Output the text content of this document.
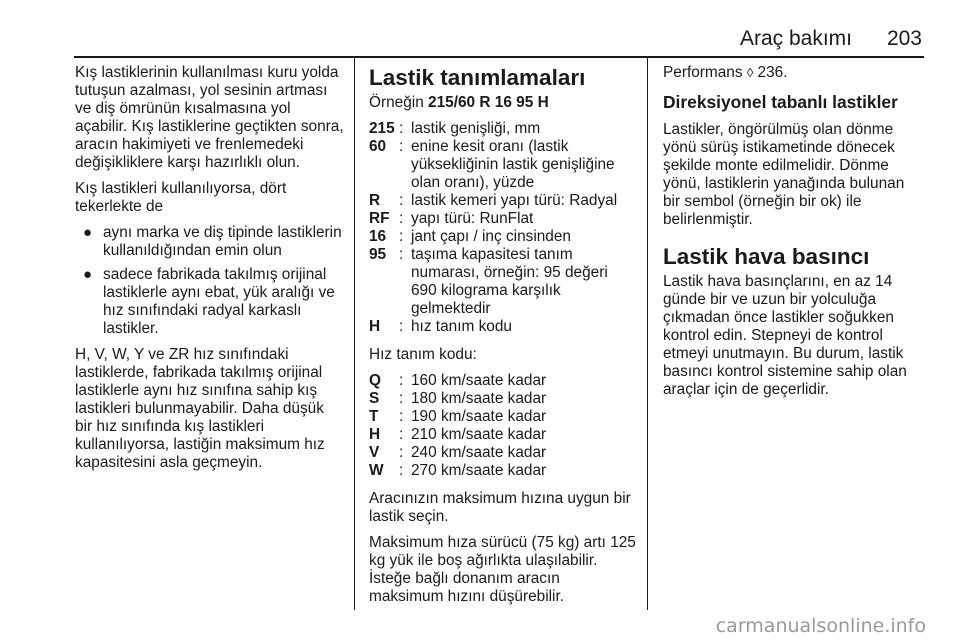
Araç bakımı 203

Kış lastiklerinin kullanılması kuru yolda tutuşun azalması, yol sesinin artması ve diş ömrünün kısalmasına yol açabilir. Kış lastiklerine geçtikten sonra, aracın hakimiyeti ve frenlemedeki değişikliklere karşı hazırlıklı olun.

Kış lastikleri kullanılıyorsa, dört tekerlekte de

● aynı marka ve diş tipinde lastiklerin kullanıldığından emin olun
● sadece fabrikada takılmış orijinal lastiklerle aynı ebat, yük aralığı ve hız sınıfındaki radyal karkaslı lastikler.

H, V, W, Y ve ZR hız sınıfındaki lastiklerde, fabrikada takılmış orijinal lastiklerle aynı hız sınıfına sahip kış lastikleri bulunmayabilir. Daha düşük bir hız sınıfında kış lastikleri kullanılıyorsa, lastiğin maksimum hız kapasitesini asla geçmeyin.

Lastik tanımlamaları

Örneğin 215/60 R 16 95 H

215 : lastik genişliği, mm
60 : enine kesit oranı (lastik yüksekliğinin lastik genişliğine olan oranı), yüzde
R	: lastik kemeri yapı türü: Radyal
RF : yapı türü: RunFlat
16 : jant çapı / inç cinsinden
95 : taşıma kapasitesi tanım numarası, örneğin: 95 değeri 690 kilograma karşılık gelmektedir
H	: hız tanım kodu

Hız tanım kodu:

Q	: 160 km/saate kadar
S	: 180 km/saate kadar
T	: 190 km/saate kadar
H	: 210 km/saate kadar
V	: 240 km/saate kadar
W	: 270 km/saate kadar

Aracınızın maksimum hızına uygun bir lastik seçin.

Maksimum hıza sürücü (75 kg) artı 125 kg yük ile boş ağırlıkta ulaşılabilir. İsteğe bağlı donanım aracın maksimum hızını düşürebilir.

Performans ◊ 236.

Direksiyonel tabanlı lastikler

Lastikler, öngörülmüş olan dönme yönü sürüş istikametinde dönecek şekilde monte edilmelidir. Dönme yönü, lastiklerin yanağında bulunan bir sembol (örneğin bir ok) ile belirlenmiştir.

Lastik hava basıncı

Lastik hava basınçlarını, en az 14 günde bir ve uzun bir yolculuğa çıkmadan önce lastikler soğukken kontrol edin. Stepneyi de kontrol etmeyi unutmayın. Bu durum, lastik basıncı kontrol sistemine sahip olan araçlar için de geçerlidir.

carmanualsonline.info
